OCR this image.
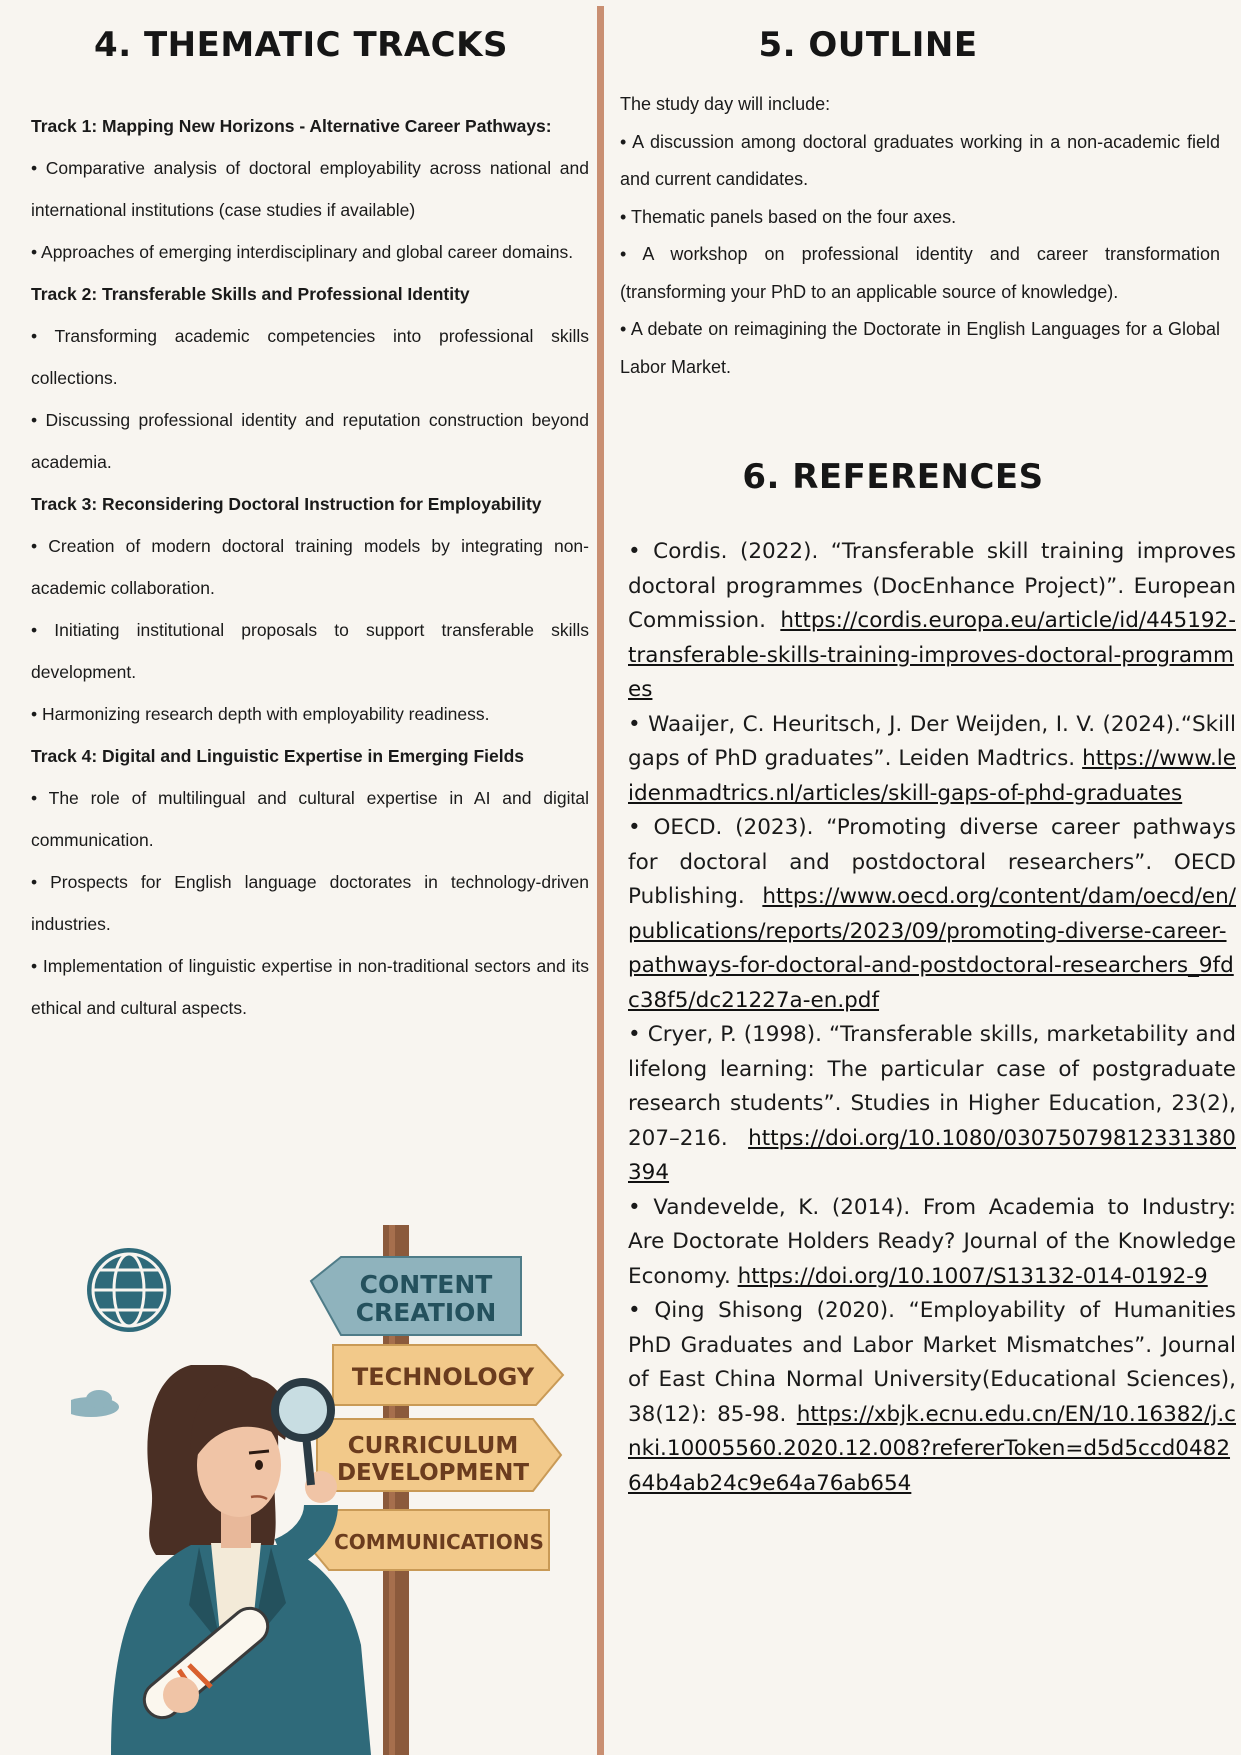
4. THEMATIC TRACKS

Track 1: Mapping New Horizons - Alternative Career Pathways:

• Comparative analysis of doctoral employability across national and international institutions (case studies if available)

• Approaches of emerging interdisciplinary and global career domains.

Track 2: Transferable Skills and Professional Identity

• Transforming academic competencies into professional skills collections.

• Discussing professional identity and reputation construction beyond academia.

Track 3: Reconsidering Doctoral Instruction for Employability

• Creation of modern doctoral training models by integrating non-academic collaboration.

• Initiating institutional proposals to support transferable skills development.

• Harmonizing research depth with employability readiness.

Track 4: Digital and Linguistic Expertise in Emerging Fields

• The role of multilingual and cultural expertise in AI and digital communication.

• Prospects for English language doctorates in technology-driven industries.

• Implementation of linguistic expertise in non-traditional sectors and its ethical and cultural aspects.

CONTENT
CREATION
TECHNOLOGY
CURRICULUM
DEVELOPMENT
COMMUNICATIONS
5. OUTLINE

The study day will include:

• A discussion among doctoral graduates working in a non-academic field and current candidates.

• Thematic panels based on the four axes.

• A workshop on professional identity and career transformation (transforming your PhD to an applicable source of knowledge).

• A debate on reimagining the Doctorate in English Languages for a Global Labor Market.

6. REFERENCES

• Cordis. (2022). “Transferable skill training improves doctoral programmes (DocEnhance Project)”. European Commission. https://cordis.europa.eu/article/id/445192-transferable-skills-training-improves-doctoral-programmes

• Waaijer, C. Heuritsch, J. Der Weijden, I. V. (2024).“Skill gaps of PhD graduates”. Leiden Madtrics. https://www.leidenmadtrics.nl/articles/skill-gaps-of-phd-graduates

• OECD. (2023). “Promoting diverse career pathways for doctoral and postdoctoral researchers”. OECD Publishing. https://www.oecd.org/content/dam/oecd/en/publications/reports/2023/09/promoting-diverse-career-pathways-for-doctoral-and-postdoctoral-researchers_9fdc38f5/dc21227a-en.pdf

• Cryer, P. (1998). “Transferable skills, marketability and lifelong learning: The particular case of postgraduate research students”. Studies in Higher Education, 23(2), 207–216. https://doi.org/10.1080/03075079812331380394

• Vandevelde, K. (2014). From Academia to Industry: Are Doctorate Holders Ready? Journal of the Knowledge Economy. https://doi.org/10.1007/S13132-014-0192-9

• Qing Shisong (2020). “Employability of Humanities PhD Graduates and Labor Market Mismatches”. Journal of East China Normal University(Educational Sciences), 38(12): 85-98. https://xbjk.ecnu.edu.cn/EN/10.16382/j.cnki.10005560.2020.12.008?refererToken=d5d5ccd048264b4ab24c9e64a76ab654
